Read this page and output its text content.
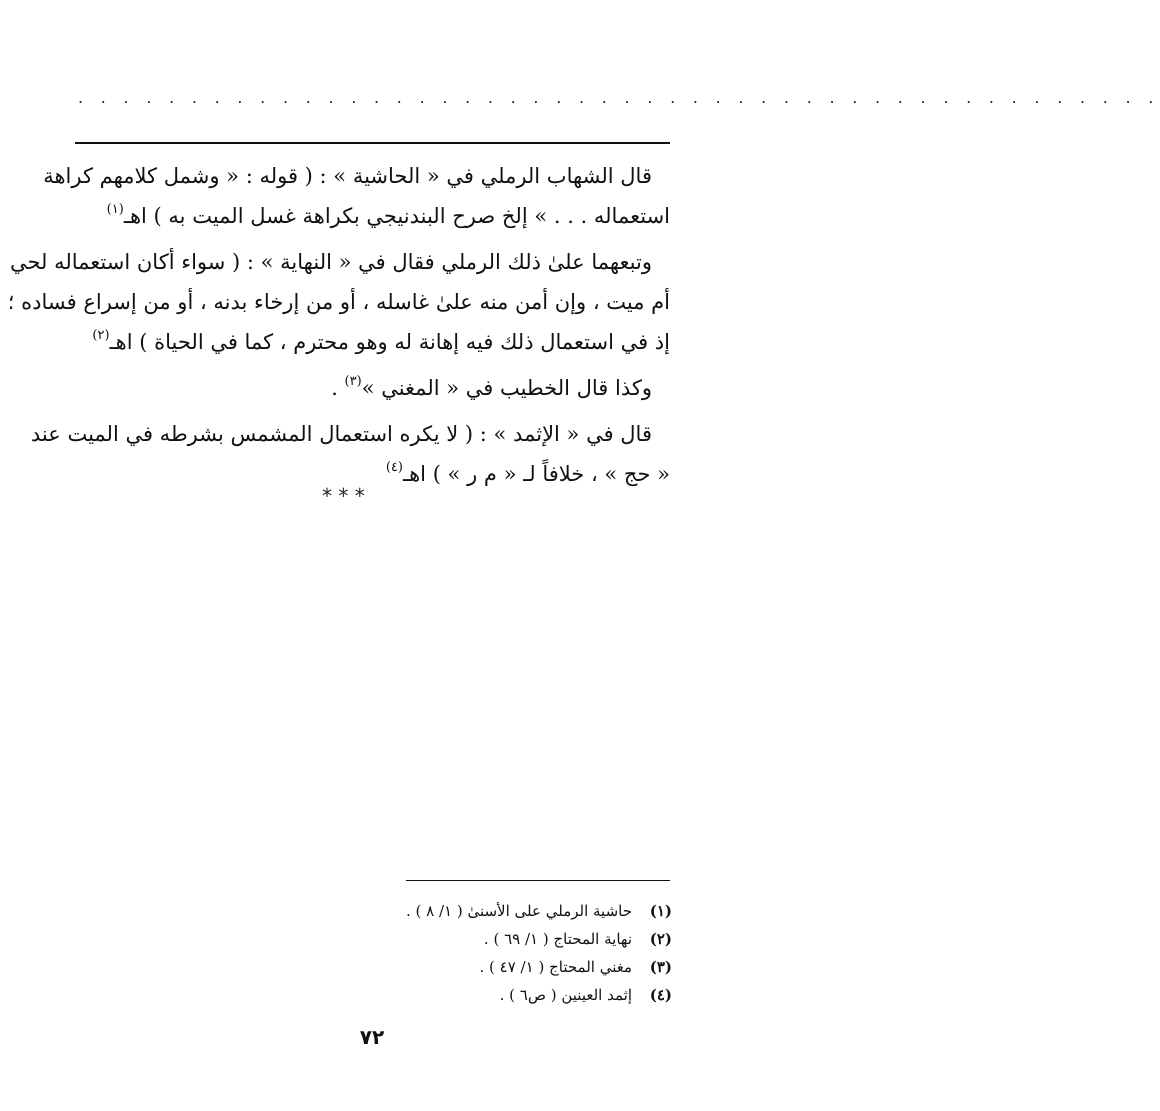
. . . . . . . . . . . . . . . . . . . . . . . . . . . . . . . . . . . . . . . . . . . . . . . .

قال الشهاب الرملي في « الحاشية » : ( قوله : « وشمل كلامهم كراهة
استعماله . . . » إلخ صرح البندنيجي بكراهة غسل الميت به ) اهـ$^{(١)}$

وتبعهما علىٰ ذلك الرملي فقال في « النهاية » : ( سواء أكان استعماله لحي
أم ميت ، وإن أمن منه علىٰ غاسله ، أو من إرخاء بدنه ، أو من إسراع فساده ؛
إذ في استعمال ذلك فيه إهانة له وهو محترم ، كما في الحياة ) اهـ$^{(٢)}$

وكذا قال الخطيب في « المغني »$^{(٣)}$ .

قال في « الإثمد » : ( لا يكره استعمال المشمس بشرطه في الميت عند
« حج » ، خلافاً لـ « م ر » ) اهـ$^{(٤)}$

* * *
(١)حاشية الرملي على الأسنىٰ ( ١/ ٨ ) .
(٢)نهاية المحتاج ( ١/ ٦٩ ) .
(٣)مغني المحتاج ( ١/ ٤٧ ) .
(٤)إثمد العينين ( ص٦ ) .
٧٢
